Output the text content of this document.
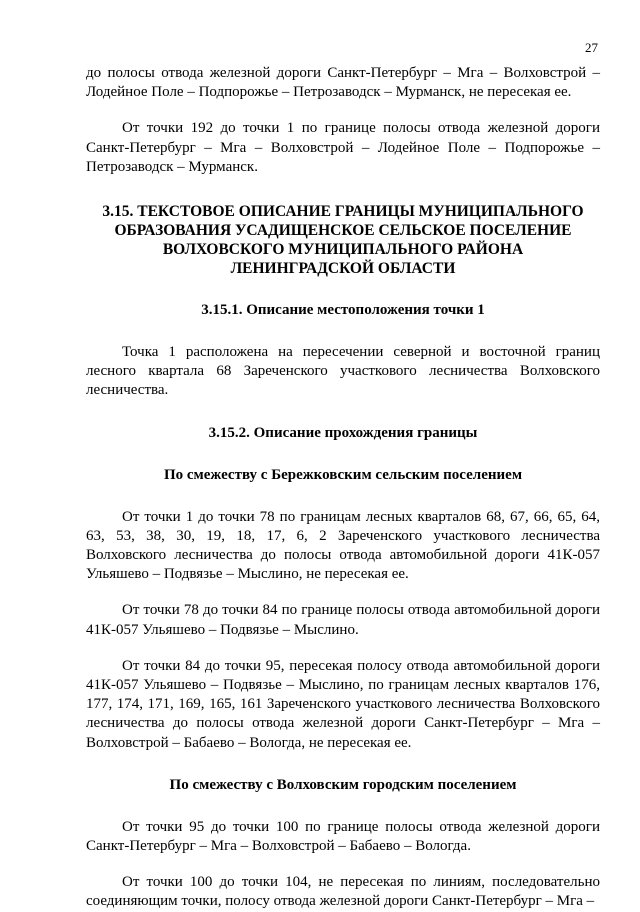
27

до полосы отвода железной дороги Санкт-Петербург – Мга – Волховстрой – Лодейное Поле – Подпорожье – Петрозаводск – Мурманск, не пересекая ее.

От точки 192 до точки 1 по границе полосы отвода железной дороги Санкт-Петербург – Мга – Волховстрой – Лодейное Поле – Подпорожье – Петрозаводск – Мурманск.

3.15. ТЕКСТОВОЕ ОПИСАНИЕ ГРАНИЦЫ МУНИЦИПАЛЬНОГО
ОБРАЗОВАНИЯ УСАДИЩЕНСКОЕ СЕЛЬСКОЕ ПОСЕЛЕНИЕ
ВОЛХОВСКОГО МУНИЦИПАЛЬНОГО РАЙОНА
ЛЕНИНГРАДСКОЙ ОБЛАСТИ
3.15.1. Описание местоположения точки 1

Точка 1 расположена на пересечении северной и восточной границ лесного квартала 68 Зареченского участкового лесничества Волховского лесничества.

3.15.2. Описание прохождения границы
По смежеству с Бережковским сельским поселением

От точки 1 до точки 78 по границам лесных кварталов 68, 67, 66, 65, 64, 63, 53, 38, 30, 19, 18, 17, 6, 2 Зареченского участкового лесничества Волховского лесничества до полосы отвода автомобильной дороги 41К-057 Ульяшево – Подвязье – Мыслино, не пересекая ее.

От точки 78 до точки 84 по границе полосы отвода автомобильной дороги 41К-057 Ульяшево – Подвязье – Мыслино.

От точки 84 до точки 95, пересекая полосу отвода автомобильной дороги 41К-057 Ульяшево – Подвязье – Мыслино, по границам лесных кварталов 176, 177, 174, 171, 169, 165, 161 Зареченского участкового лесничества Волховского лесничества до полосы отвода железной дороги Санкт-Петербург – Мга – Волховстрой – Бабаево – Вологда, не пересекая ее.

По смежеству с Волховским городским поселением

От точки 95 до точки 100 по границе полосы отвода железной дороги Санкт-Петербург – Мга – Волховстрой – Бабаево – Вологда.

От точки 100 до точки 104, не пересекая по линиям, последовательно соединяющим точки, полосу отвода железной дороги Санкт-Петербург – Мга –
